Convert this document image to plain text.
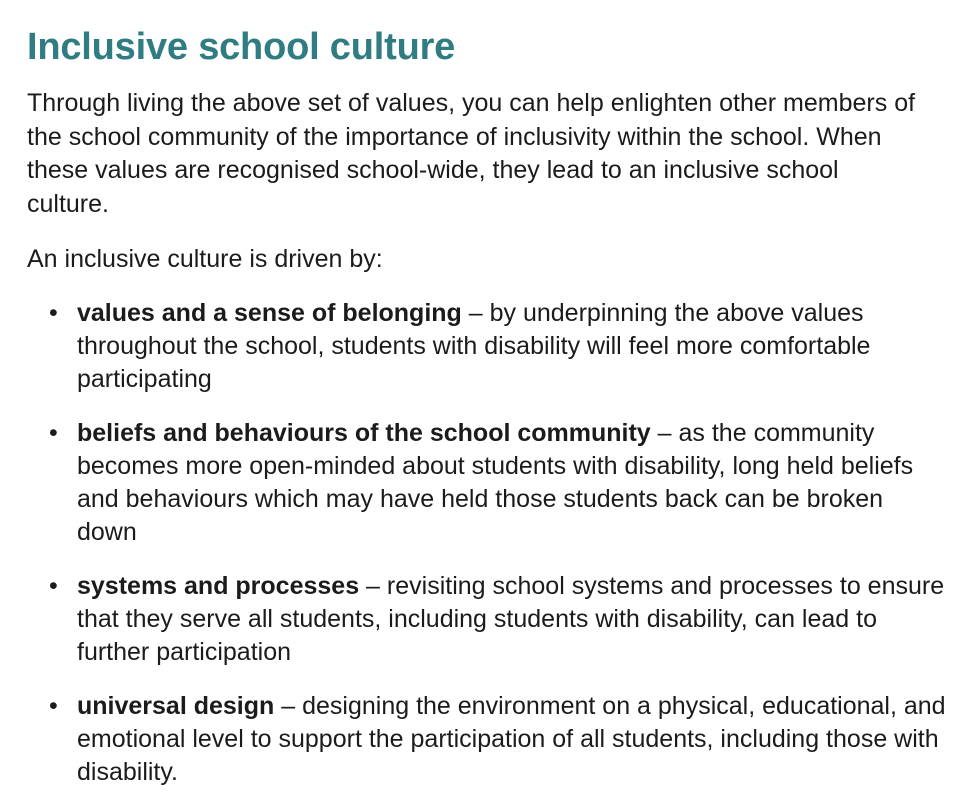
Inclusive school culture

Through living the above set of values, you can help enlighten other members of the school community of the importance of inclusivity within the school. When these values are recognised school-wide, they lead to an inclusive school culture.

An inclusive culture is driven by:

• values and a sense of belonging – by underpinning the above values throughout the school, students with disability will feel more comfortable participating
• beliefs and behaviours of the school community – as the community becomes more open-minded about students with disability, long held beliefs and behaviours which may have held those students back can be broken down
• systems and processes – revisiting school systems and processes to ensure that they serve all students, including students with disability, can lead to further participation
• universal design – designing the environment on a physical, educational, and emotional level to support the participation of all students, including those with disability.
